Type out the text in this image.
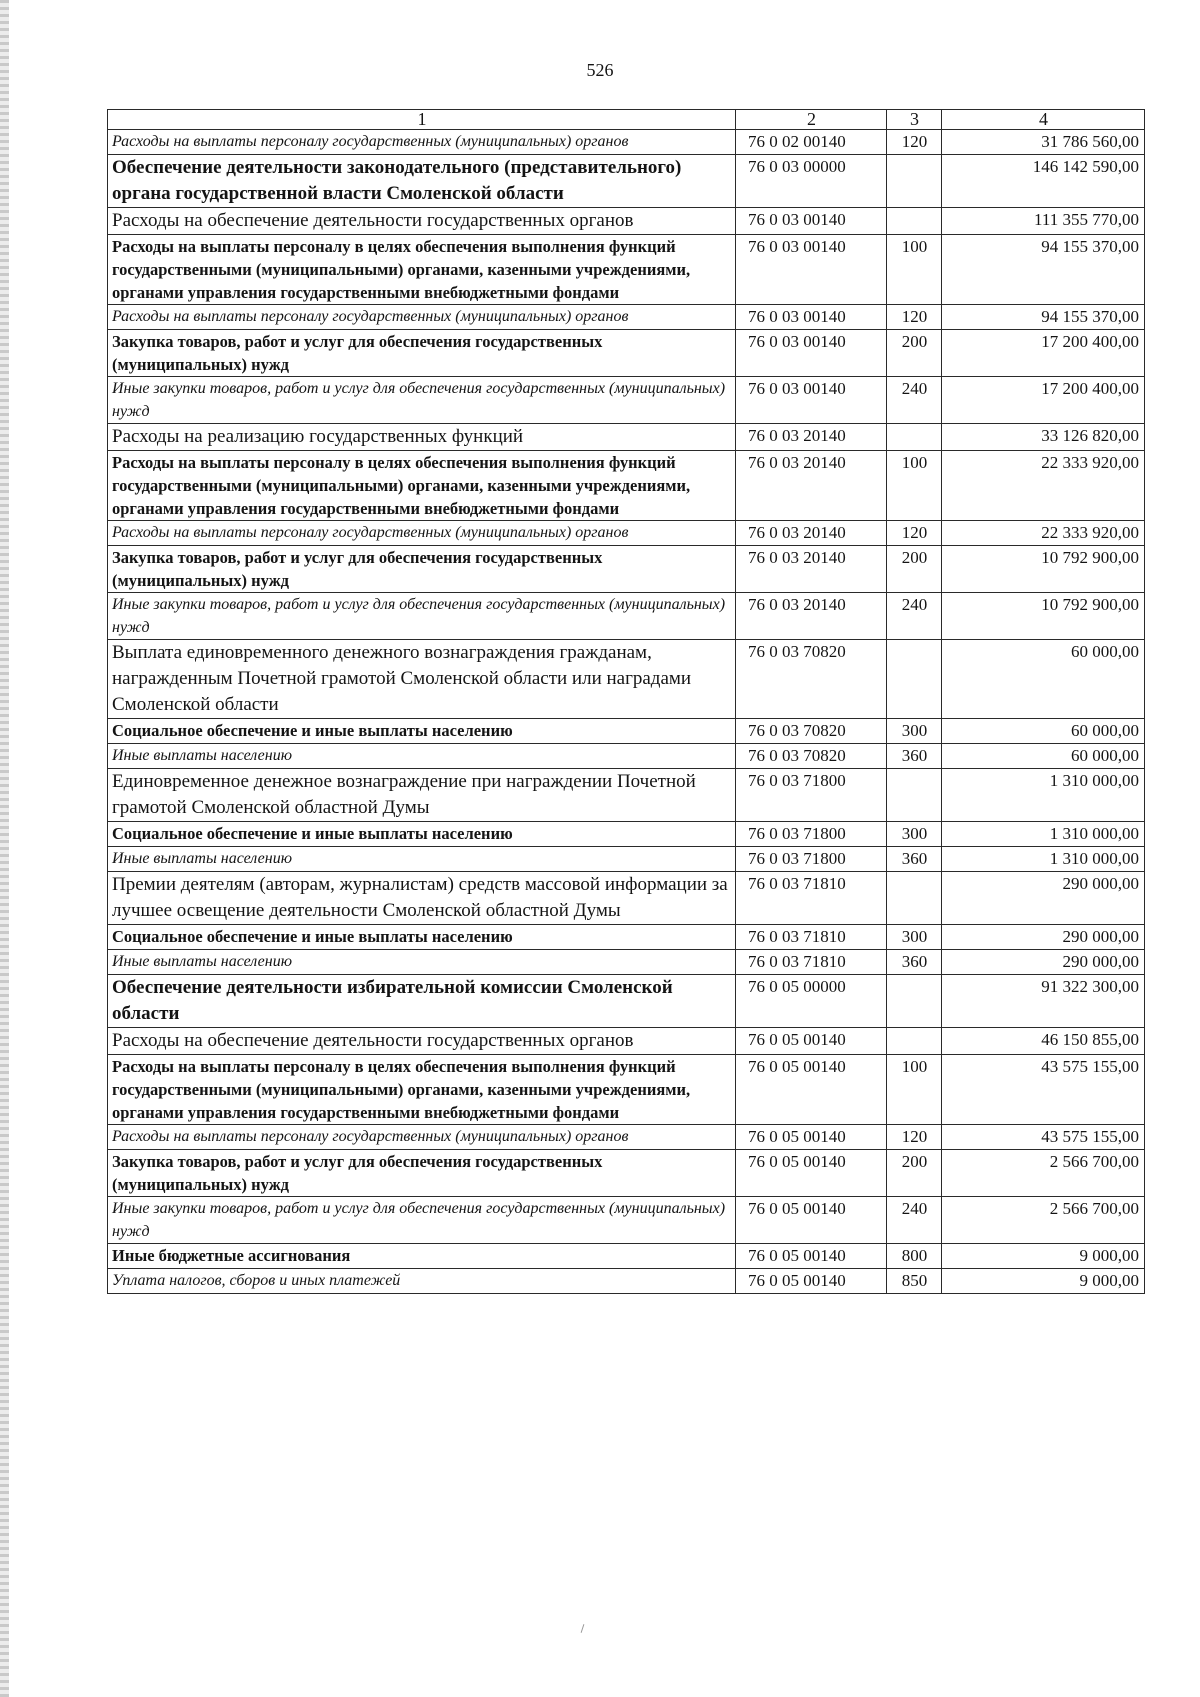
526
1	2	3	4
Расходы на выплаты персоналу государственных (муниципальных) органов	76 0 02 00140	120	31 786 560,00
Обеспечение деятельности законодательного (представительного) органа государственной власти Смоленской области	76 0 03 00000		146 142 590,00
Расходы на обеспечение деятельности государственных органов	76 0 03 00140		111 355 770,00
Расходы на выплаты персоналу в целях обеспечения выполнения функций государственными (муниципальными) органами, казенными учреждениями, органами управления государственными внебюджетными фондами	76 0 03 00140	100	94 155 370,00
Расходы на выплаты персоналу государственных (муниципальных) органов	76 0 03 00140	120	94 155 370,00
Закупка товаров, работ и услуг для обеспечения государственных (муниципальных) нужд	76 0 03 00140	200	17 200 400,00
Иные закупки товаров, работ и услуг для обеспечения государственных (муниципальных) нужд	76 0 03 00140	240	17 200 400,00
Расходы на реализацию государственных функций	76 0 03 20140		33 126 820,00
Расходы на выплаты персоналу в целях обеспечения выполнения функций государственными (муниципальными) органами, казенными учреждениями, органами управления государственными внебюджетными фондами	76 0 03 20140	100	22 333 920,00
Расходы на выплаты персоналу государственных (муниципальных) органов	76 0 03 20140	120	22 333 920,00
Закупка товаров, работ и услуг для обеспечения государственных (муниципальных) нужд	76 0 03 20140	200	10 792 900,00
Иные закупки товаров, работ и услуг для обеспечения государственных (муниципальных) нужд	76 0 03 20140	240	10 792 900,00
Выплата единовременного денежного вознаграждения гражданам, награжденным Почетной грамотой Смоленской области или наградами Смоленской области	76 0 03 70820		60 000,00
Социальное обеспечение и иные выплаты населению	76 0 03 70820	300	60 000,00
Иные выплаты населению	76 0 03 70820	360	60 000,00
Единовременное денежное вознаграждение при награждении Почетной грамотой Смоленской областной Думы	76 0 03 71800		1 310 000,00
Социальное обеспечение и иные выплаты населению	76 0 03 71800	300	1 310 000,00
Иные выплаты населению	76 0 03 71800	360	1 310 000,00
Премии деятелям (авторам, журналистам) средств массовой информации за лучшее освещение деятельности Смоленской областной Думы	76 0 03 71810		290 000,00
Социальное обеспечение и иные выплаты населению	76 0 03 71810	300	290 000,00
Иные выплаты населению	76 0 03 71810	360	290 000,00
Обеспечение деятельности избирательной комиссии Смоленской области	76 0 05 00000		91 322 300,00
Расходы на обеспечение деятельности государственных органов	76 0 05 00140		46 150 855,00
Расходы на выплаты персоналу в целях обеспечения выполнения функций государственными (муниципальными) органами, казенными учреждениями, органами управления государственными внебюджетными фондами	76 0 05 00140	100	43 575 155,00
Расходы на выплаты персоналу государственных (муниципальных) органов	76 0 05 00140	120	43 575 155,00
Закупка товаров, работ и услуг для обеспечения государственных (муниципальных) нужд	76 0 05 00140	200	2 566 700,00
Иные закупки товаров, работ и услуг для обеспечения государственных (муниципальных) нужд	76 0 05 00140	240	2 566 700,00
Иные бюджетные ассигнования	76 0 05 00140	800	9 000,00
Уплата налогов, сборов и иных платежей	76 0 05 00140	850	9 000,00
